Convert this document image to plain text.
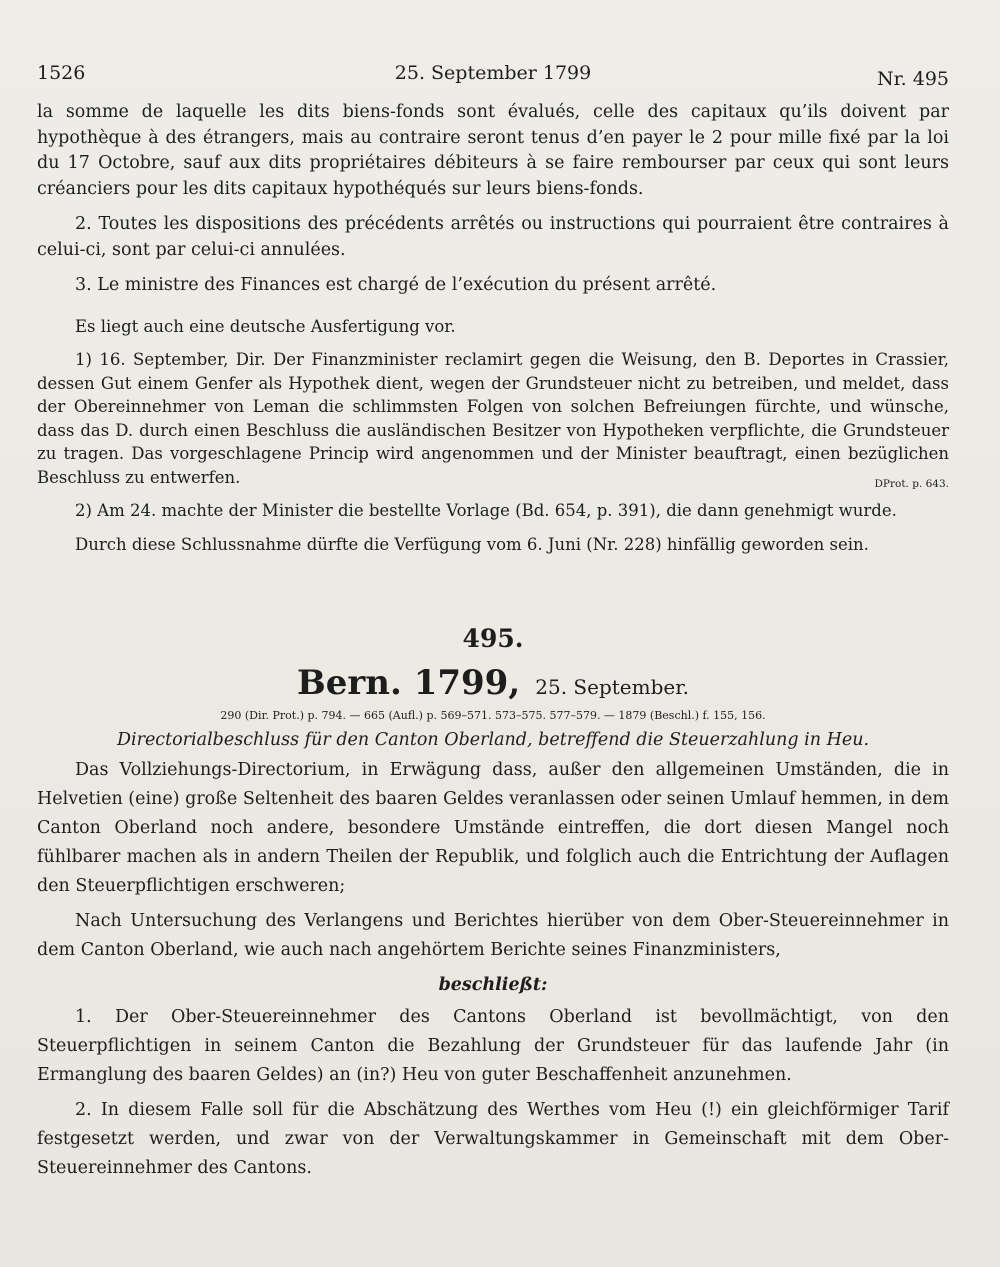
1526	25. September 1799	Nr. 495

la somme de laquelle les dits biens-fonds sont évalués, celle des capitaux qu’ils doivent par hypothèque à des étrangers, mais au contraire seront tenus d’en payer le 2 pour mille fixé par la loi du 17 Octobre, sauf aux dits propriétaires débiteurs à se faire rembourser par ceux qui sont leurs créanciers pour les dits capitaux hypothéqués sur leurs biens-fonds.

2. Toutes les dispositions des précédents arrêtés ou instructions qui pourraient être contraires à celui-ci, sont par celui-ci annulées.

3. Le ministre des Finances est chargé de l’exécution du présent arrêté.

Es liegt auch eine deutsche Ausfertigung vor.

1) 16. September, Dir. Der Finanzminister reclamirt gegen die Weisung, den B. Deportes in Crassier, dessen Gut einem Genfer als Hypothek dient, wegen der Grundsteuer nicht zu betreiben, und meldet, dass der Obereinnehmer von Leman die schlimmsten Folgen von solchen Befreiungen fürchte, und wünsche, dass das D. durch einen Beschluss die ausländischen Besitzer von Hypotheken verpflichte, die Grundsteuer zu tragen. Das vorgeschlagene Princip wird angenommen und der Minister beauftragt, einen bezüglichen Beschluss zu entwerfen.	DProt. p. 643.

2) Am 24. machte der Minister die bestellte Vorlage (Bd. 654, p. 391), die dann genehmigt wurde.

Durch diese Schlussnahme dürfte die Verfügung vom 6. Juni (Nr. 228) hinfällig geworden sein.

495.
Bern. 1799, 25. September.
290 (Dir. Prot.) p. 794. — 665 (Aufl.) p. 569–571. 573–575. 577–579. — 1879 (Beschl.) f. 155, 156.
Directorialbeschluss für den Canton Oberland, betreffend die Steuerzahlung in Heu.

Das Vollziehungs-Directorium, in Erwägung dass, außer den allgemeinen Umständen, die in Helvetien (eine) große Seltenheit des baaren Geldes veranlassen oder seinen Umlauf hemmen, in dem Canton Oberland noch andere, besondere Umstände eintreffen, die dort diesen Mangel noch fühlbarer machen als in andern Theilen der Republik, und folglich auch die Entrichtung der Auflagen den Steuerpflichtigen erschweren;

Nach Untersuchung des Verlangens und Berichtes hierüber von dem Ober-Steuereinnehmer in dem Canton Oberland, wie auch nach angehörtem Berichte seines Finanzministers,

beschließt:

1. Der Ober-Steuereinnehmer des Cantons Oberland ist bevollmächtigt, von den Steuerpflichtigen in seinem Canton die Bezahlung der Grundsteuer für das laufende Jahr (in Ermanglung des baaren Geldes) an (in?) Heu von guter Beschaffenheit anzunehmen.

2. In diesem Falle soll für die Abschätzung des Werthes vom Heu (!) ein gleichförmiger Tarif festgesetzt werden, und zwar von der Verwaltungskammer in Gemeinschaft mit dem Ober-Steuereinnehmer des Cantons.
